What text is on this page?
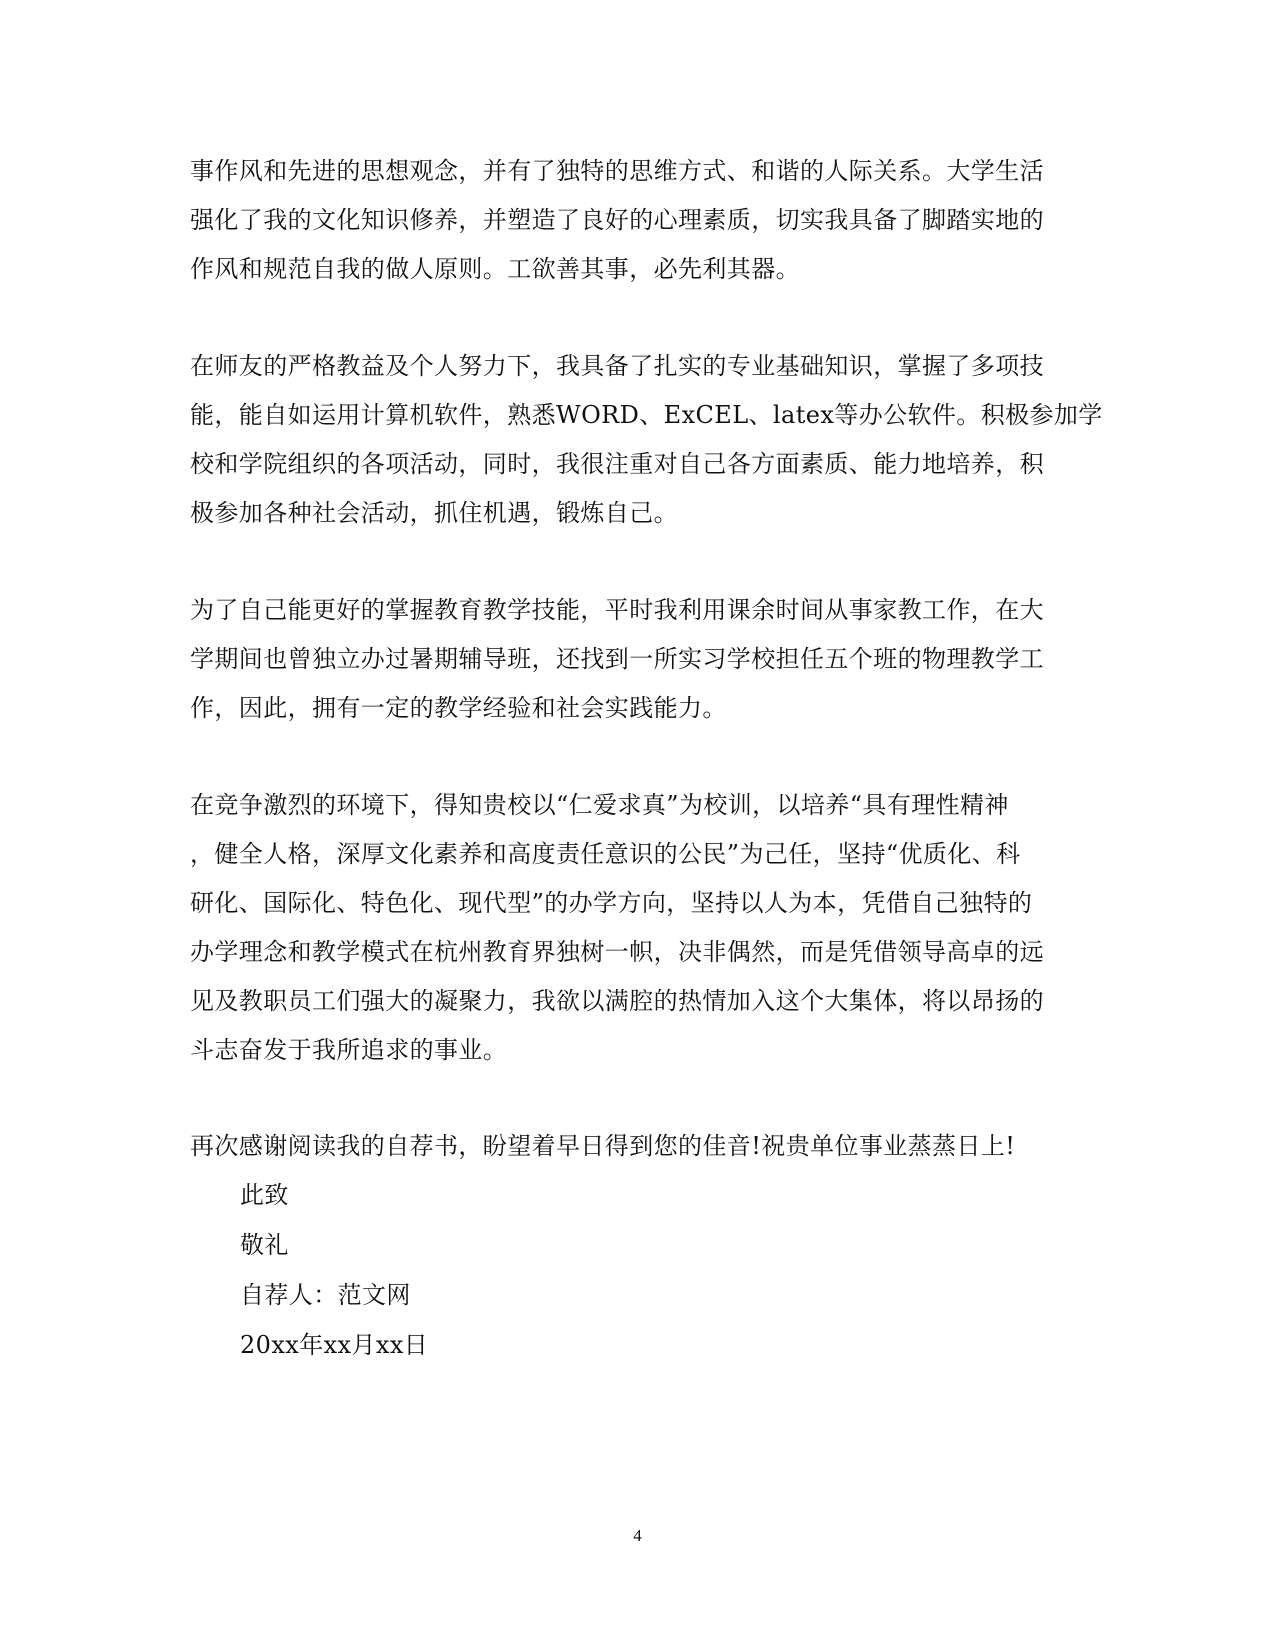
事作风和先进的思想观念，并有了独特的思维方式、和谐的人际关系。大学生活
强化了我的文化知识修养，并塑造了良好的心理素质，切实我具备了脚踏实地的
作风和规范自我的做人原则。工欲善其事，必先利其器。
在师友的严格教益及个人努力下，我具备了扎实的专业基础知识，掌握了多项技
能，能自如运用计算机软件，熟悉WORD、ExCEL、latex等办公软件。积极参加学
校和学院组织的各项活动，同时，我很注重对自己各方面素质、能力地培养，积
极参加各种社会活动，抓住机遇，锻炼自己。
为了自己能更好的掌握教育教学技能，平时我利用课余时间从事家教工作，在大
学期间也曾独立办过暑期辅导班，还找到一所实习学校担任五个班的物理教学工
作，因此，拥有一定的教学经验和社会实践能力。
在竞争激烈的环境下，得知贵校以“仁爱求真”为校训，以培养“具有理性精神
，健全人格，深厚文化素养和高度责任意识的公民”为己任，坚持“优质化、科
研化、国际化、特色化、现代型”的办学方向，坚持以人为本，凭借自己独特的
办学理念和教学模式在杭州教育界独树一帜，决非偶然，而是凭借领导高卓的远
见及教职员工们强大的凝聚力，我欲以满腔的热情加入这个大集体，将以昂扬的
斗志奋发于我所追求的事业。
再次感谢阅读我的自荐书，盼望着早日得到您的佳音!祝贵单位事业蒸蒸日上!
此致
敬礼
自荐人：范文网
20xx年xx月xx日
4
